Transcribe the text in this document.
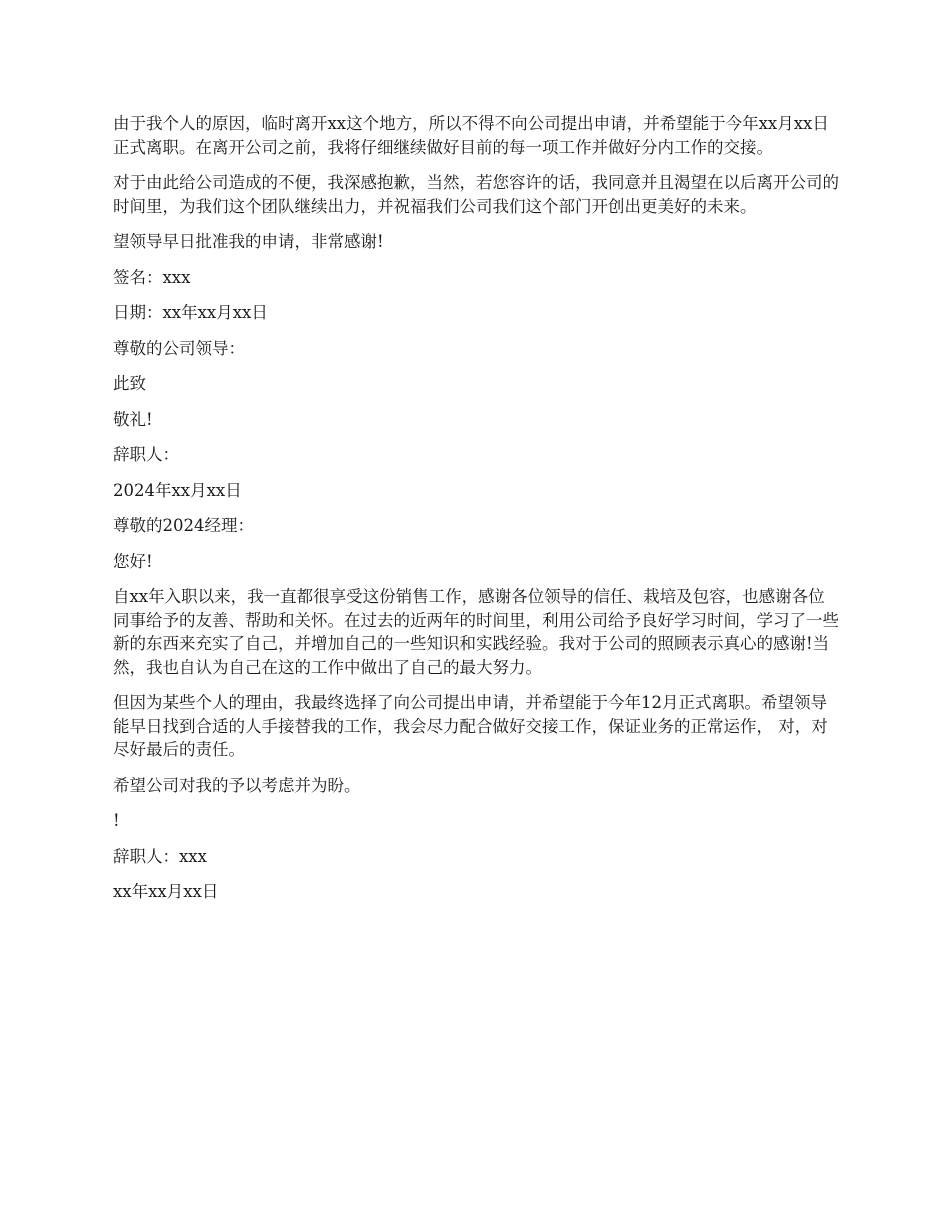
由于我个人的原因，临时离开xx这个地方，所以不得不向公司提出申请，并希望能于今年xx月xx日正式离职。在离开公司之前，我将仔细继续做好目前的每一项工作并做好分内工作的交接。

对于由此给公司造成的不便，我深感抱歉，当然，若您容许的话，我同意并且渴望在以后离开公司的时间里，为我们这个团队继续出力，并祝福我们公司我们这个部门开创出更美好的未来。

望领导早日批准我的申请，非常感谢!

签名：xxx

日期：xx年xx月xx日

尊敬的公司领导：

此致

敬礼!

辞职人：

2024年xx月xx日

尊敬的2024经理：

您好!

自xx年入职以来，我一直都很享受这份销售工作，感谢各位领导的信任、栽培及包容，也感谢各位同事给予的友善、帮助和关怀。在过去的近两年的时间里，利用公司给予良好学习时间，学习了一些新的东西来充实了自己，并增加自己的一些知识和实践经验。我对于公司的照顾表示真心的感谢!当然，我也自认为自己在这的工作中做出了自己的最大努力。

但因为某些个人的理由，我最终选择了向公司提出申请，并希望能于今年12月正式离职。希望领导能早日找到合适的人手接替我的工作，我会尽力配合做好交接工作，保证业务的正常运作， 对，对尽好最后的责任。

希望公司对我的予以考虑并为盼。

!

辞职人：xxx

xx年xx月xx日
